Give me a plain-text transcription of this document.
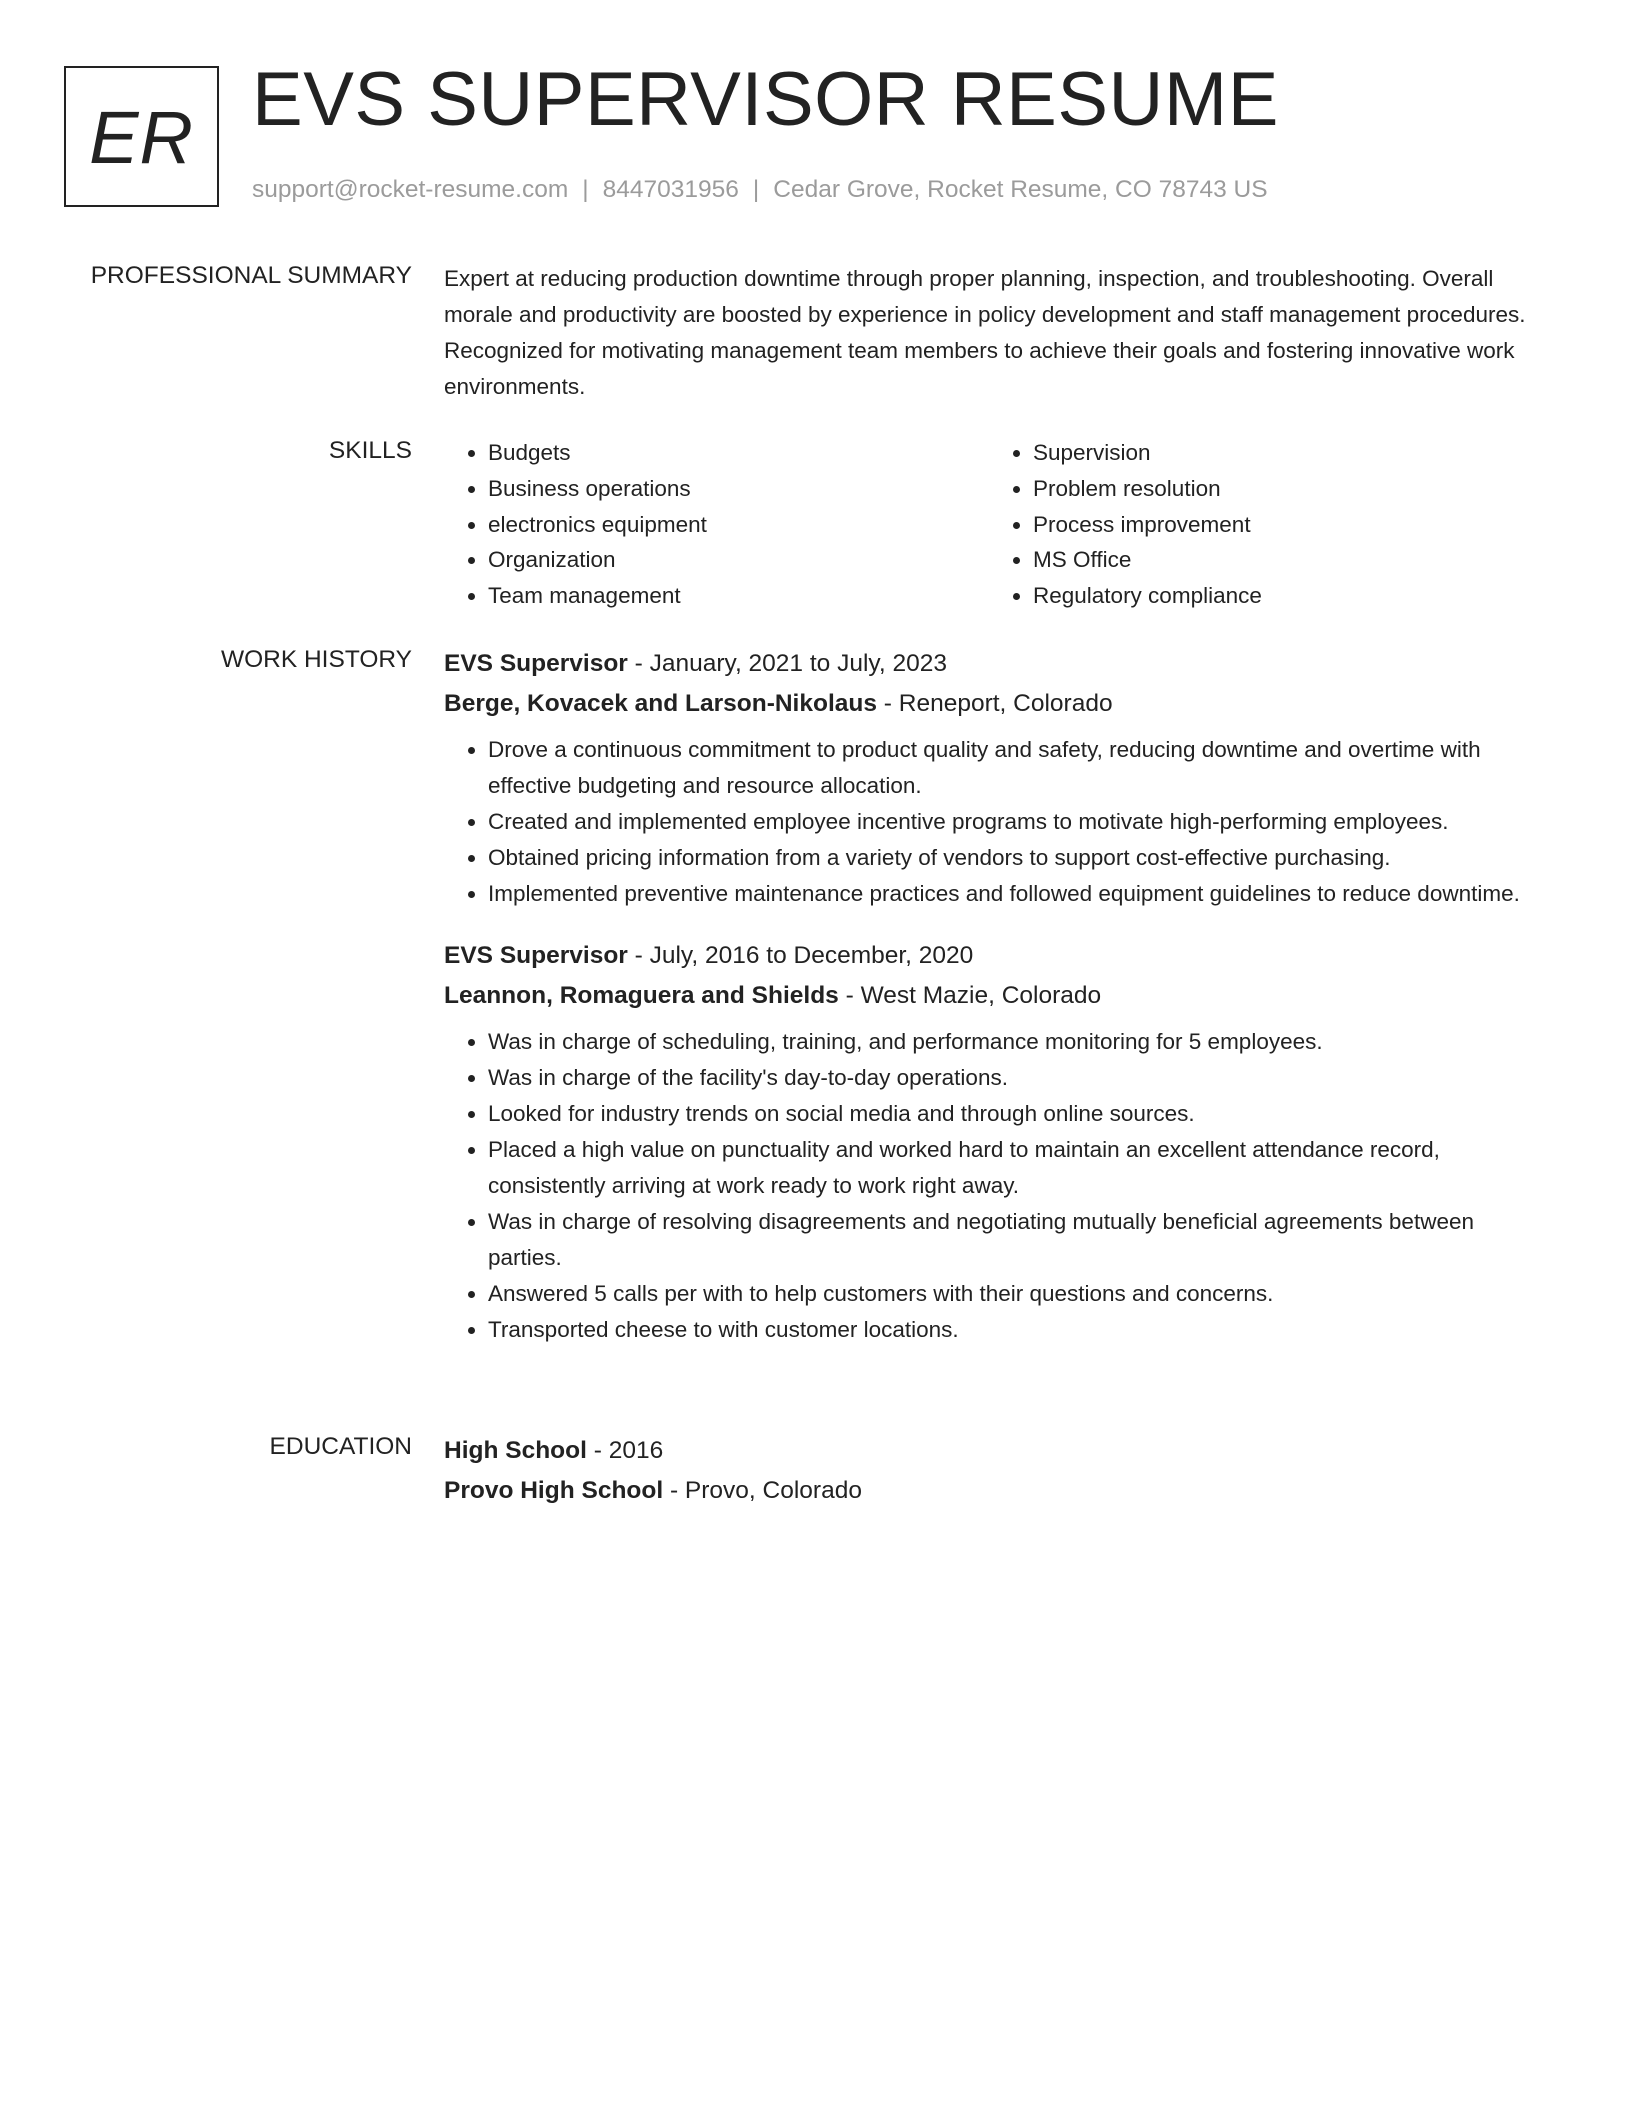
ER EVS SUPERVISOR RESUME
support@rocket-resume.com | 8447031956 | Cedar Grove, Rocket Resume, CO 78743 US
PROFESSIONAL SUMMARY Expert at reducing production downtime through proper planning, inspection, and troubleshooting. Overall morale and productivity are boosted by experience in policy development and staff management procedures. Recognized for motivating management team members to achieve their goals and fostering innovative work environments.

SKILLS
•	Budgets
• Business operations
• electronics equipment
• Organization
• Team management
• Supervision
• Problem resolution
• Process improvement
• MS Office
• Regulatory compliance
WORK HISTORY EVS Supervisor - January, 2021 to July, 2023
Berge, Kovacek and Larson-Nikolaus - Reneport, Colorado
• Drove a continuous commitment to product quality and safety, reducing downtime and overtime with effective budgeting and resource allocation.
• Created and implemented employee incentive programs to motivate high-performing employees.
• Obtained pricing information from a variety of vendors to support cost-effective purchasing.
• Implemented preventive maintenance practices and followed equipment guidelines to reduce downtime.
EVS Supervisor - July, 2016 to December, 2020
Leannon, Romaguera and Shields - West Mazie, Colorado
• Was in charge of scheduling, training, and performance monitoring for 5 employees.
• Was in charge of the facility's day-to-day operations.
• Looked for industry trends on social media and through online sources.
• Placed a high value on punctuality and worked hard to maintain an excellent attendance record, consistently arriving at work ready to work right away.
• Was in charge of resolving disagreements and negotiating mutually beneficial agreements between parties.
• Answered 5 calls per with to help customers with their questions and concerns.
• Transported cheese to with customer locations.
EDUCATION High School - 2016
Provo High School - Provo, Colorado
